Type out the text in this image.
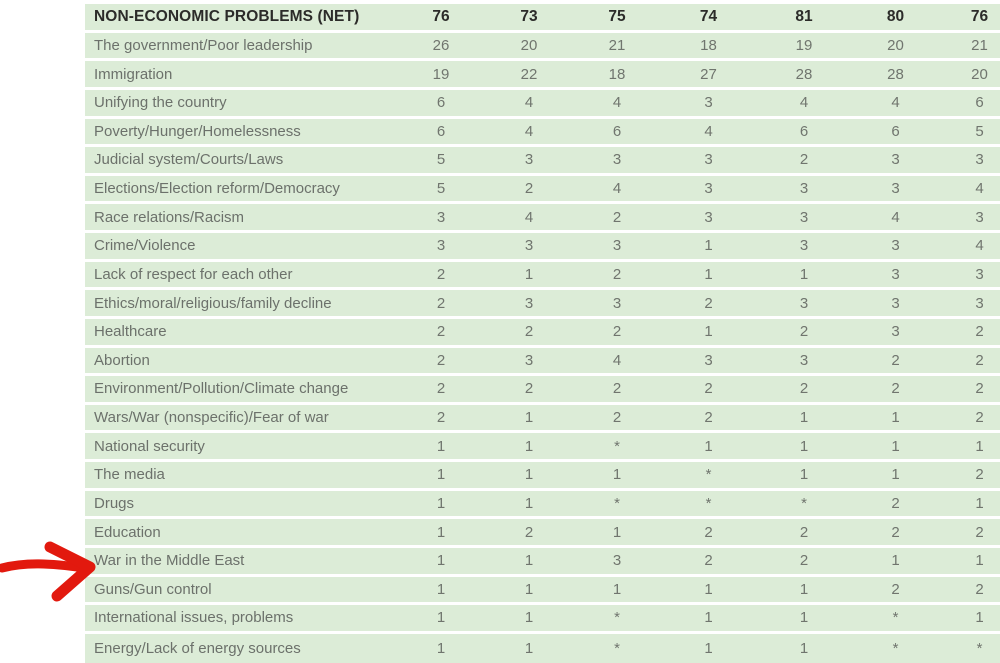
NON-ECONOMIC PROBLEMS (NET)	76	73	75	74	81	80	76
The government/Poor leadership	26	20	21	18	19	20	21
Immigration	19	22	18	27	28	28	20
Unifying the country	6	4	4	3	4	4	6
Poverty/Hunger/Homelessness	6	4	6	4	6	6	5
Judicial system/Courts/Laws	5	3	3	3	2	3	3
Elections/Election reform/Democracy	5	2	4	3	3	3	4
Race relations/Racism	3	4	2	3	3	4	3
Crime/Violence	3	3	3	1	3	3	4
Lack of respect for each other	2	1	2	1	1	3	3
Ethics/moral/religious/family decline	2	3	3	2	3	3	3
Healthcare	2	2	2	1	2	3	2
Abortion	2	3	4	3	3	2	2
Environment/Pollution/Climate change	2	2	2	2	2	2	2
Wars/War (nonspecific)/Fear of war	2	1	2	2	1	1	2
National security	1	1	*	1	1	1	1
The media	1	1	1	*	1	1	2
Drugs	1	1	*	*	*	2	1
Education	1	2	1	2	2	2	2
War in the Middle East	1	1	3	2	2	1	1
Guns/Gun control	1	1	1	1	1	2	2
International issues, problems	1	1	*	1	1	*	1
Energy/Lack of energy sources	1	1	*	1	1	*	*
